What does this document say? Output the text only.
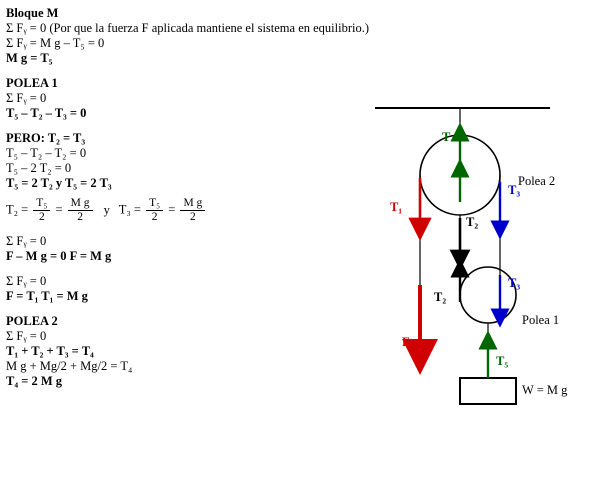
Bloque M
Σ Fᵧ = 0 (Por que la fuerza F aplicada mantiene el sistema en equilibrio.)
Σ Fᵧ = M g – T₅ = 0
M g = T₅
POLEA 1
Σ Fᵧ = 0
T₅ – T₂ – T₃ = 0
PERO: T₂ = T₃
T₅ – T₂ – T₂ = 0
T₅ – 2 T₂ = 0
T₅ = 2 T₂ y T₅ = 2 T₃
$T_2 = \frac{\text{T₅}}{2} = \frac{\text{M g}}{2}$ y $T_3 = \frac{\text{T₅}}{2} = \frac{\text{M g}}{2}$
Σ Fᵧ = 0
F – M g = 0 F = M g
Σ Fᵧ = 0
F = T₁ T₁ = M g
POLEA 2
Σ Fᵧ = 0
T₁ + T₂ + T₃ = T₄
M g + Mg/2 + Mg/2 = T₄
T₄ = 2 M g
T
T₁
T₂
T₃
T₂
T₃
T₅
F
Polea 2
Polea 1
W = M g
